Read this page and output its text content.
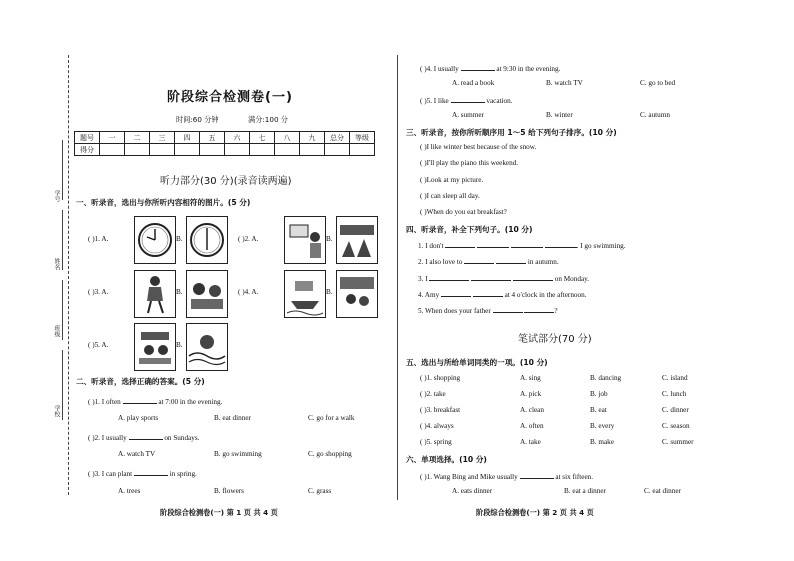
学号
姓名
班级
学校
阶段综合检测卷(一)
时间:60 分钟	满分:100 分
题号	一	二	三	四	五	六	七	八	九	总分	等级
得分											
听力部分(30 分)(录音读两遍)
一、听录音，选出与你所听内容相符的图片。(5 分)
( )1. A.	B.	( )2. A.	B.
( )3. A.	B.	( )4. A.	B.
( )5. A.	B.
二、听录音，选择正确的答案。(5 分)
( )1. I often	at 7:00 in the evening.
A. play sports	B. eat dinner	C. go for a walk
( )2. I usually	on Sundays.
A. watch TV	B. go swimming	C. go shopping
( )3. I can plant	in spring.
A. trees	B. flowers	C. grass
阶段综合检测卷(一) 第 1 页 共 4 页
( )4. I usually	at 9:30 in the evening.
A. read a book	B. watch TV	C. go to bed
( )5. I like	vacation.
A. summer	B. winter	C. autumn
三、听录音，按你所听顺序用 1～5 给下列句子排序。(10 分)
( )I like winter best because of the snow.
( )I'll play the piano this weekend.
( )Look at my picture.
( )I can sleep all day.
( )When do you eat breakfast?
四、听录音，补全下列句子。(10 分)
1. I don't	. I go swimming.
2. I also love to	in autumn.
3. I	on Monday.
4. Amy	at 4 o'clock in the afternoon.
5. When does your father	?
笔试部分(70 分)
五、选出与所给单词同类的一项。(10 分)
( )1. shopping	A. sing	B. dancing	C. island
( )2. take	A. pick	B. job	C. lunch
( )3. breakfast	A. clean	B. eat	C. dinner
( )4. always	A. often	B. every	C. season
( )5. spring	A. take	B. make	C. summer
六、单项选择。(10 分)
( )1. Wang Bing and Mike usually	at six fifteen.
A. eats dinner	B. eat a dinner	C. eat dinner
阶段综合检测卷(一) 第 2 页 共 4 页
